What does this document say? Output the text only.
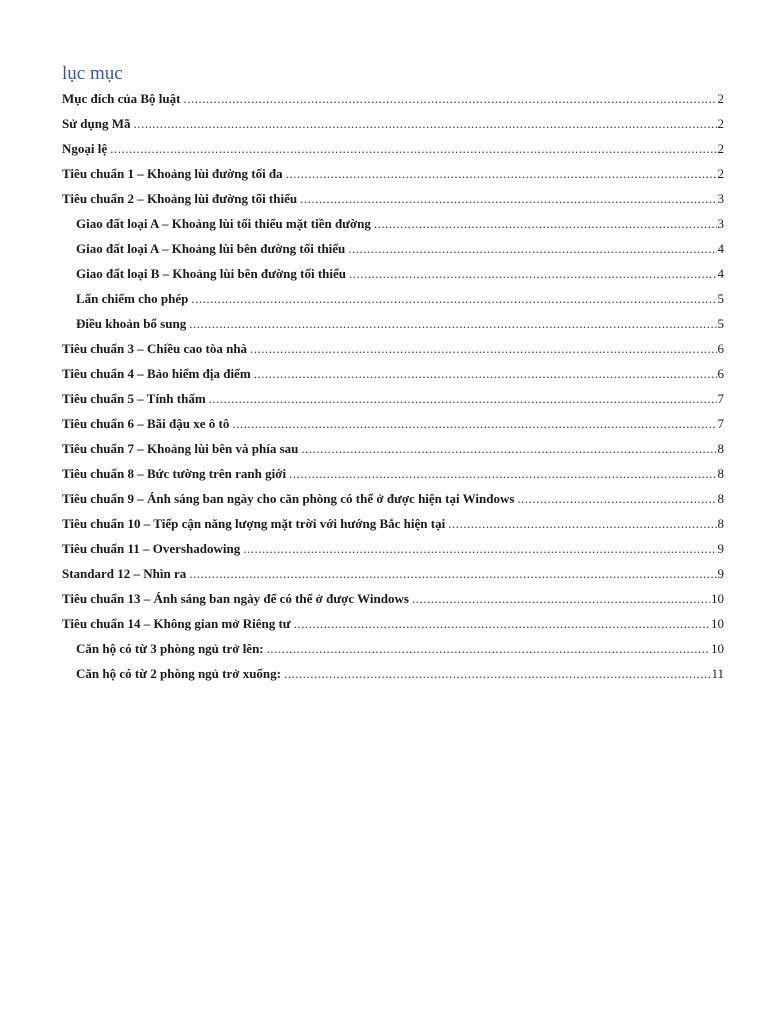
lục mục
Mục đích của Bộ luật .....	2
Sử dụng Mã .....	2
Ngoại lệ .....	2
Tiêu chuẩn 1 – Khoảng lùi đường tối đa .....	2
Tiêu chuẩn 2 – Khoảng lùi đường tối thiểu .....	3
Giao đất loại A – Khoảng lùi tối thiểu mặt tiền đường .....	3
Giao đất loại A – Khoảng lùi bên đường tối thiểu .....	4
Giao đất loại B – Khoảng lùi bên đường tối thiểu .....	4
Lấn chiếm cho phép .....	5
Điều khoản bổ sung .....	5
Tiêu chuẩn 3 – Chiều cao tòa nhà .....	6
Tiêu chuẩn 4 – Bảo hiểm địa điểm .....	6
Tiêu chuẩn 5 – Tính thấm .....	7
Tiêu chuẩn 6 – Bãi đậu xe ô tô .....	7
Tiêu chuẩn 7 – Khoảng lùi bên và phía sau .....	8
Tiêu chuẩn 8 – Bức tường trên ranh giới .....	8
Tiêu chuẩn 9 – Ánh sáng ban ngày cho căn phòng có thể ở được hiện tại Windows .....	8
Tiêu chuẩn 10 – Tiếp cận năng lượng mặt trời với hướng Bắc hiện tại .....	8
Tiêu chuẩn 11 – Overshadowing .....	9
Standard 12 – Nhìn ra .....	9
Tiêu chuẩn 13 – Ánh sáng ban ngày để có thể ở được Windows .....	10
Tiêu chuẩn 14 – Không gian mở Riêng tư .....	10
Căn hộ có từ 3 phòng ngủ trở lên: .....	10
Căn hộ có từ 2 phòng ngủ trở xuống: .....	11
